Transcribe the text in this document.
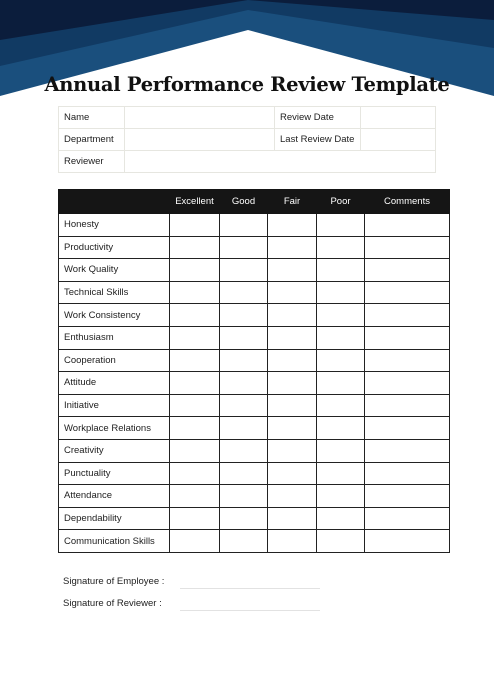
Annual Performance Review Template
Name		Review Date	
Department		Last Review Date	
Reviewer			
	Excellent	Good	Fair	Poor	Comments
Honesty					
Productivity					
Work Quality					
Technical Skills					
Work Consistency					
Enthusiasm					
Cooperation					
Attitude					
Initiative					
Workplace Relations					
Creativity					
Punctuality					
Attendance					
Dependability					
Communication Skills					
Signature of Employee :
Signature of Reviewer :
